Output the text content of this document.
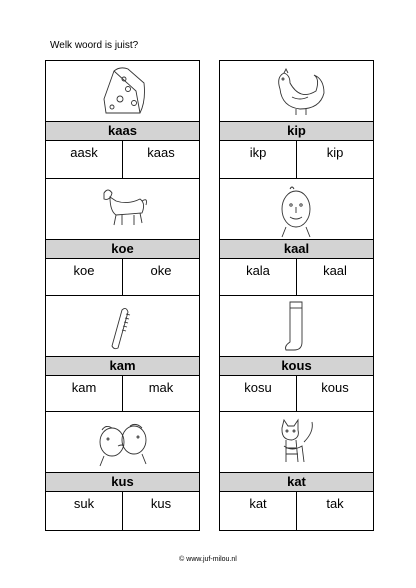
Welk woord is juist?
kaas
aask	kaas
kip
ikp	kip
koe
koe	oke
kaal
kala	kaal
kam
kam	mak
kous
kosu	kous
kus
suk	kus
kat
kat	tak
© www.juf-milou.nl
